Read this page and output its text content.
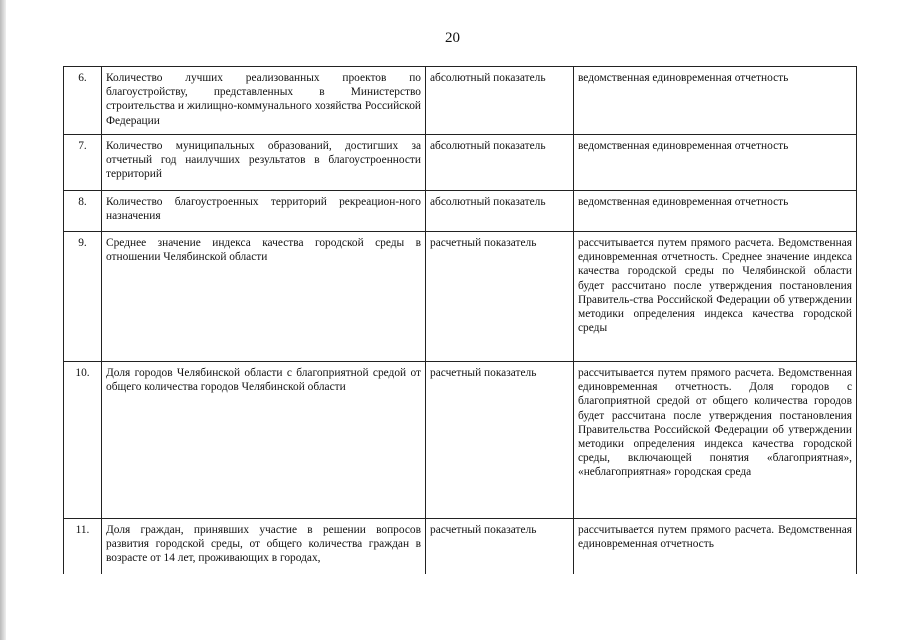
20
6.	Количество лучших реализованных проектов по благоустройству, представленных в Министерство строительства и жилищно-коммунального хозяйства Российской Федерации	абсолютный показатель	ведомственная единовременная отчетность
7.	Количество муниципальных образований, достигших за отчетный год наилучших результатов в благоустроенности территорий	абсолютный показатель	ведомственная единовременная отчетность
8.	Количество благоустроенных территорий рекреацион-ного назначения	абсолютный показатель	ведомственная единовременная отчетность
9.	Среднее значение индекса качества городской среды в отношении Челябинской области	расчетный показатель	рассчитывается путем прямого расчета. Ведомственная единовременная отчетность. Среднее значение индекса качества городской среды по Челябинской области будет рассчитано после утверждения постановления Правитель-ства Российской Федерации об утверждении методики определения индекса качества городской среды
10.	Доля городов Челябинской области с благоприятной средой от общего количества городов Челябинской области	расчетный показатель	рассчитывается путем прямого расчета. Ведомственная единовременная отчетность. Доля городов с благоприятной средой от общего количества городов будет рассчитана после утверждения постановления Правительства Российской Федерации об утверждении методики определения индекса качества городской среды, включающей понятия «благоприятная», «неблагоприятная» городская среда
11.	Доля граждан, принявших участие в решении вопросов развития городской среды, от общего количества граждан в возрасте от 14 лет, проживающих в городах,	расчетный показатель	рассчитывается путем прямого расчета. Ведомственная единовременная отчетность
